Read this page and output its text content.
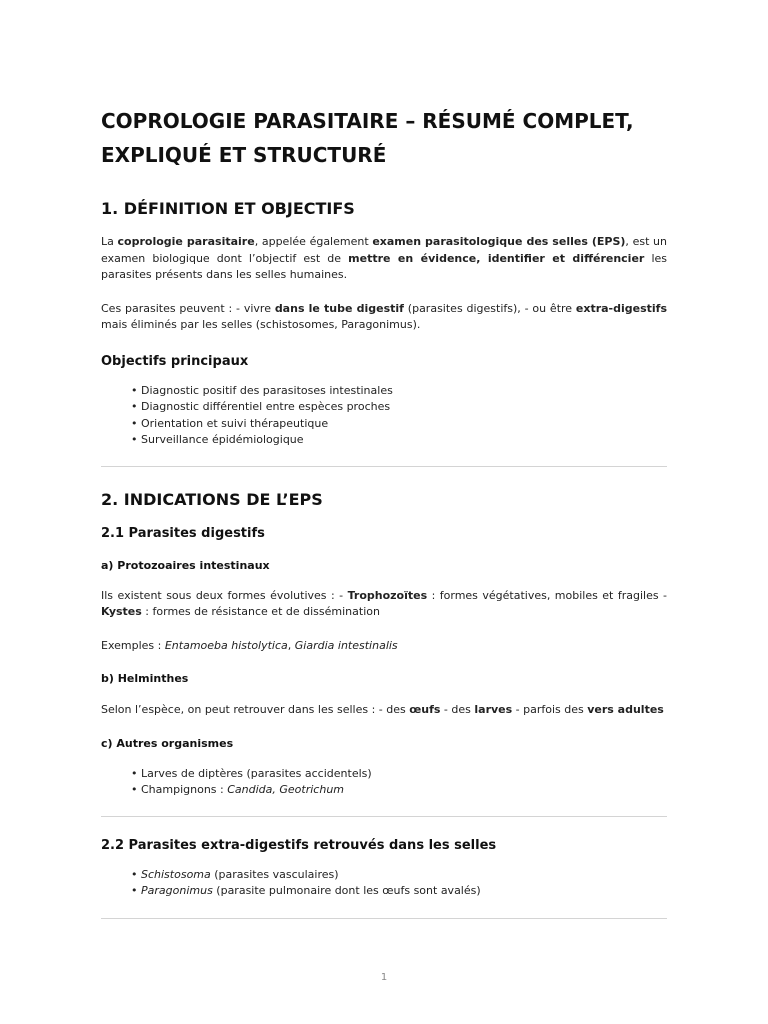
COPROLOGIE PARASITAIRE – RÉSUMÉ COMPLET, EXPLIQUÉ ET STRUCTURÉ
1. DÉFINITION ET OBJECTIFS

La coprologie parasitaire, appelée également examen parasitologique des selles (EPS), est un examen biologique dont l’objectif est de mettre en évidence, identifier et différencier les parasites présents dans les selles humaines.

Ces parasites peuvent : - vivre dans le tube digestif (parasites digestifs), - ou être extra-digestifs mais éliminés par les selles (schistosomes, Paragonimus).

Objectifs principaux
• Diagnostic positif des parasitoses intestinales
• Diagnostic différentiel entre espèces proches
• Orientation et suivi thérapeutique
• Surveillance épidémiologique
2. INDICATIONS DE L’EPS
2.1 Parasites digestifs
a) Protozoaires intestinaux

Ils existent sous deux formes évolutives : - Trophozoïtes : formes végétatives, mobiles et fragiles - Kystes : formes de résistance et de dissémination

Exemples : Entamoeba histolytica, Giardia intestinalis

b) Helminthes

Selon l’espèce, on peut retrouver dans les selles : - des œufs - des larves - parfois des vers adultes

c) Autres organismes
• Larves de diptères (parasites accidentels)
• Champignons : Candida, Geotrichum
2.2 Parasites extra-digestifs retrouvés dans les selles
• Schistosoma (parasites vasculaires)
• Paragonimus (parasite pulmonaire dont les œufs sont avalés)
1
